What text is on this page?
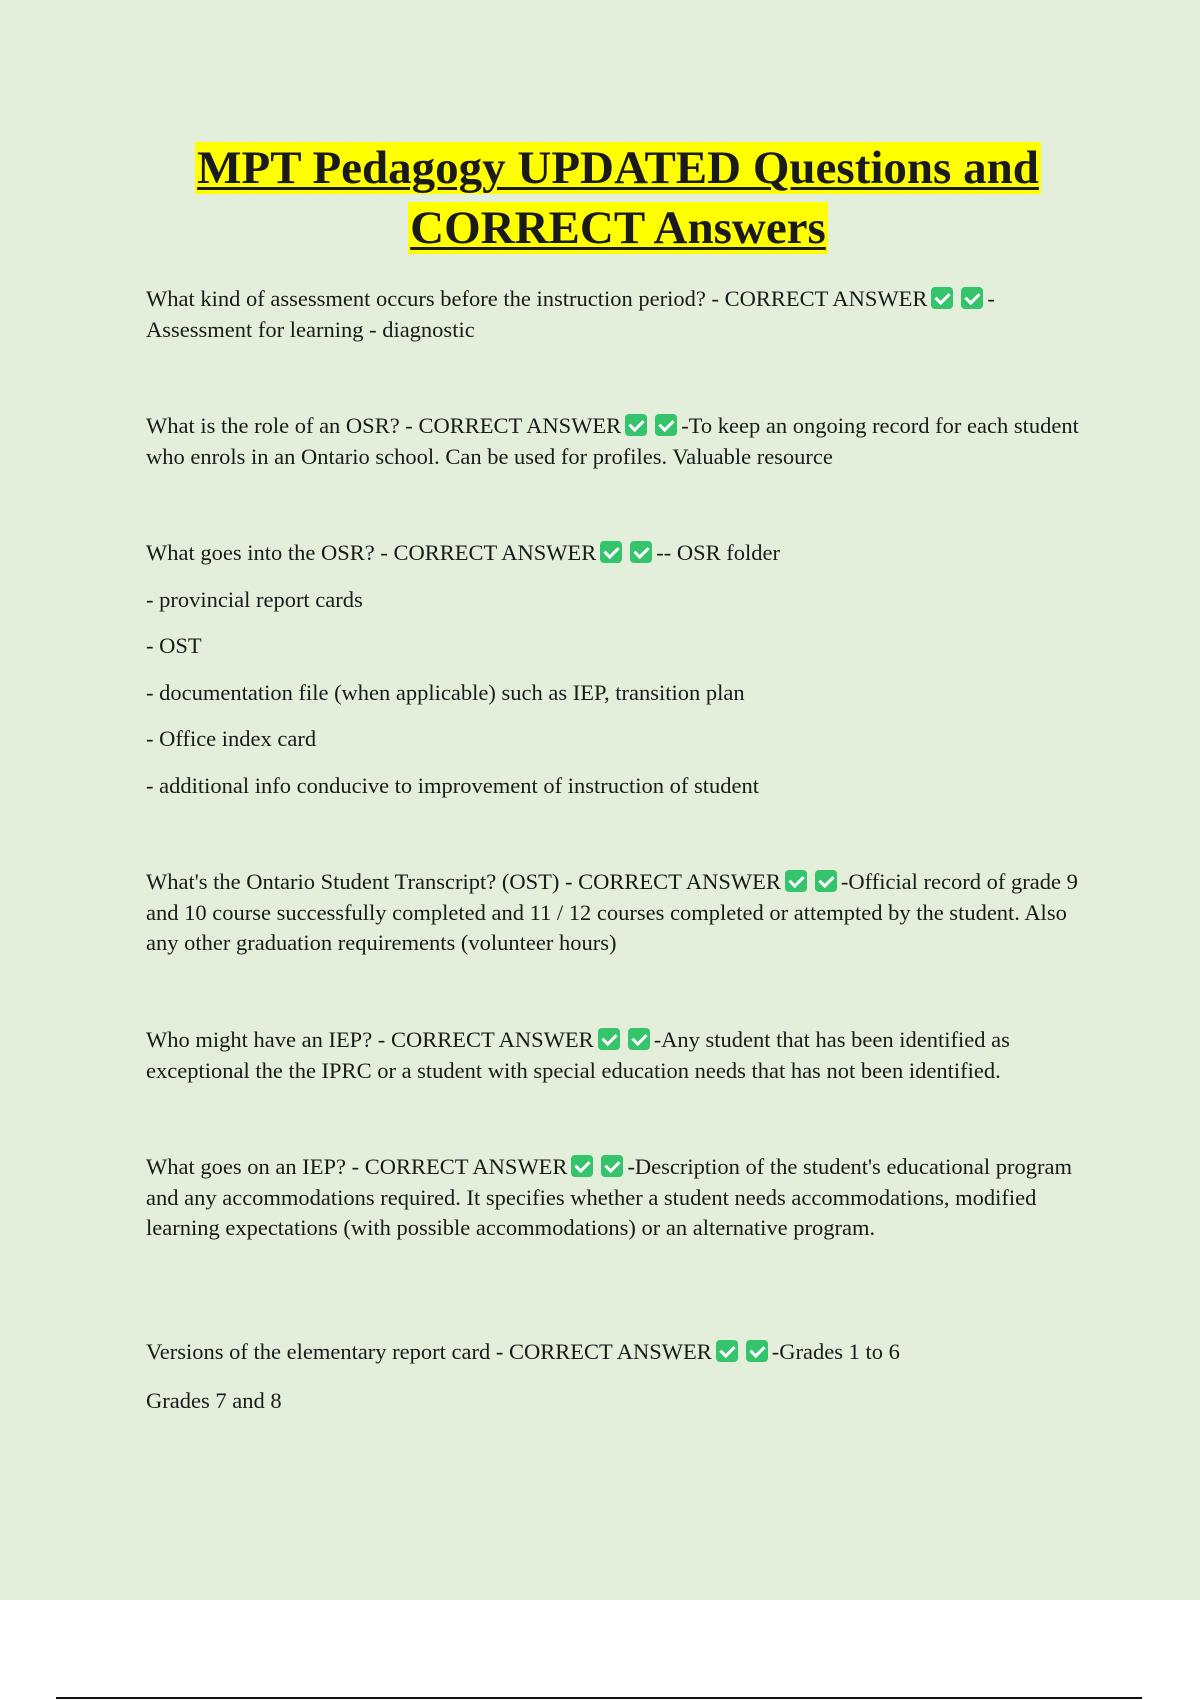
MPT Pedagogy UPDATED Questions and CORRECT Answers

What kind of assessment occurs before the instruction period? - CORRECT ANSWER	-Assessment for learning - diagnostic

What is the role of an OSR? - CORRECT ANSWER	-To keep an ongoing record for each student who enrols in an Ontario school. Can be used for profiles. Valuable resource

What goes into the OSR? - CORRECT ANSWER	-- OSR folder

- provincial report cards

- OST

- documentation file (when applicable) such as IEP, transition plan

- Office index card

- additional info conducive to improvement of instruction of student

What's the Ontario Student Transcript? (OST) - CORRECT ANSWER	-Official record of grade 9 and 10 course successfully completed and 11 / 12 courses completed or attempted by the student. Also any other graduation requirements (volunteer hours)

Who might have an IEP? - CORRECT ANSWER	-Any student that has been identified as exceptional the the IPRC or a student with special education needs that has not been identified.

What goes on an IEP? - CORRECT ANSWER	-Description of the student's educational program and any accommodations required. It specifies whether a student needs accommodations, modified learning expectations (with possible accommodations) or an alternative program.

Versions of the elementary report card - CORRECT ANSWER	-Grades 1 to 6

Grades 7 and 8
